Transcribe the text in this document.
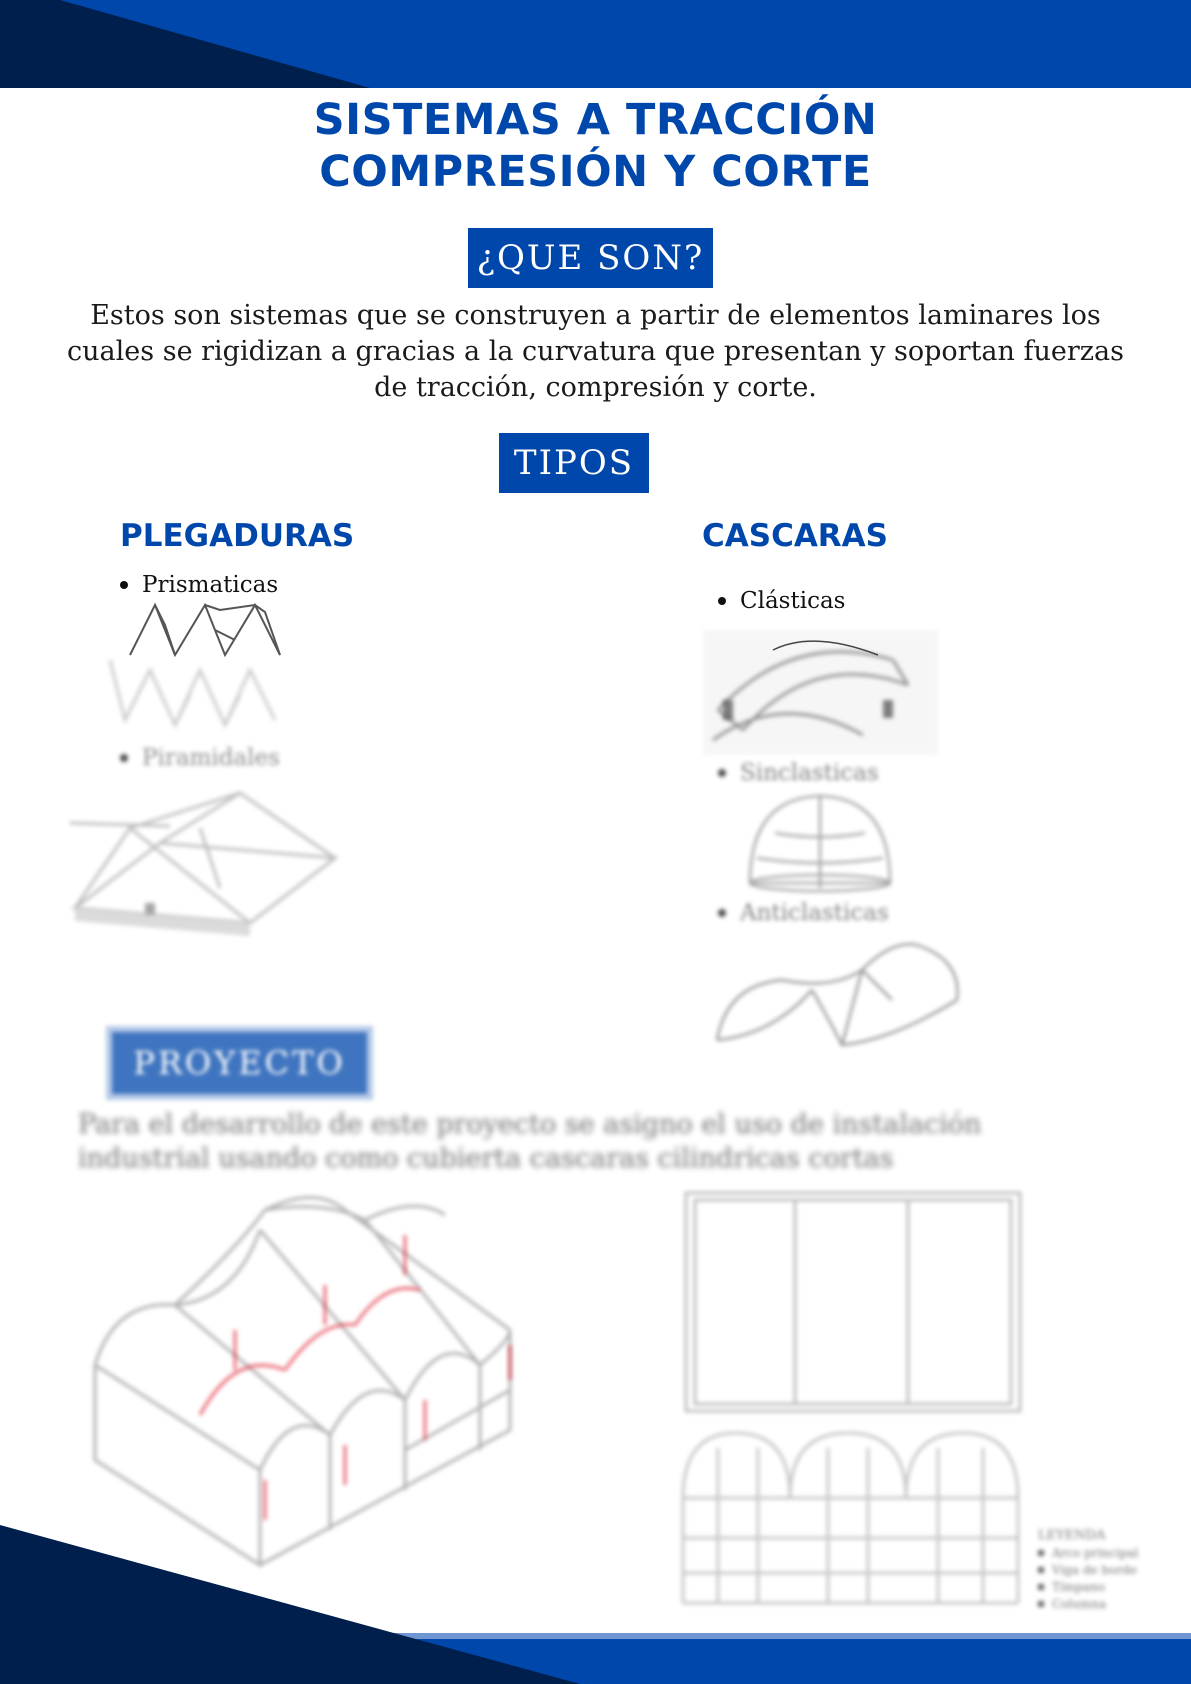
SISTEMAS A TRACCIÓN
COMPRESIÓN Y CORTE
¿QUE SON?
Estos son sistemas que se construyen a partir de elementos laminares los cuales se rigidizan a gracias a la curvatura que presentan y soportan fuerzas de tracción, compresión y corte.
TIPOS
PLEGADURAS
Prismaticas
Piramidales
CASCARAS
Clásticas
Sinclasticas
Anticlasticas
PROYECTO
Para el desarrollo de este proyecto se asigno el uso de instalación industrial usando como cubierta cascaras cilindricas cortas
LEYENDA
Arco principal
Viga de borde
Tímpano
Columna
